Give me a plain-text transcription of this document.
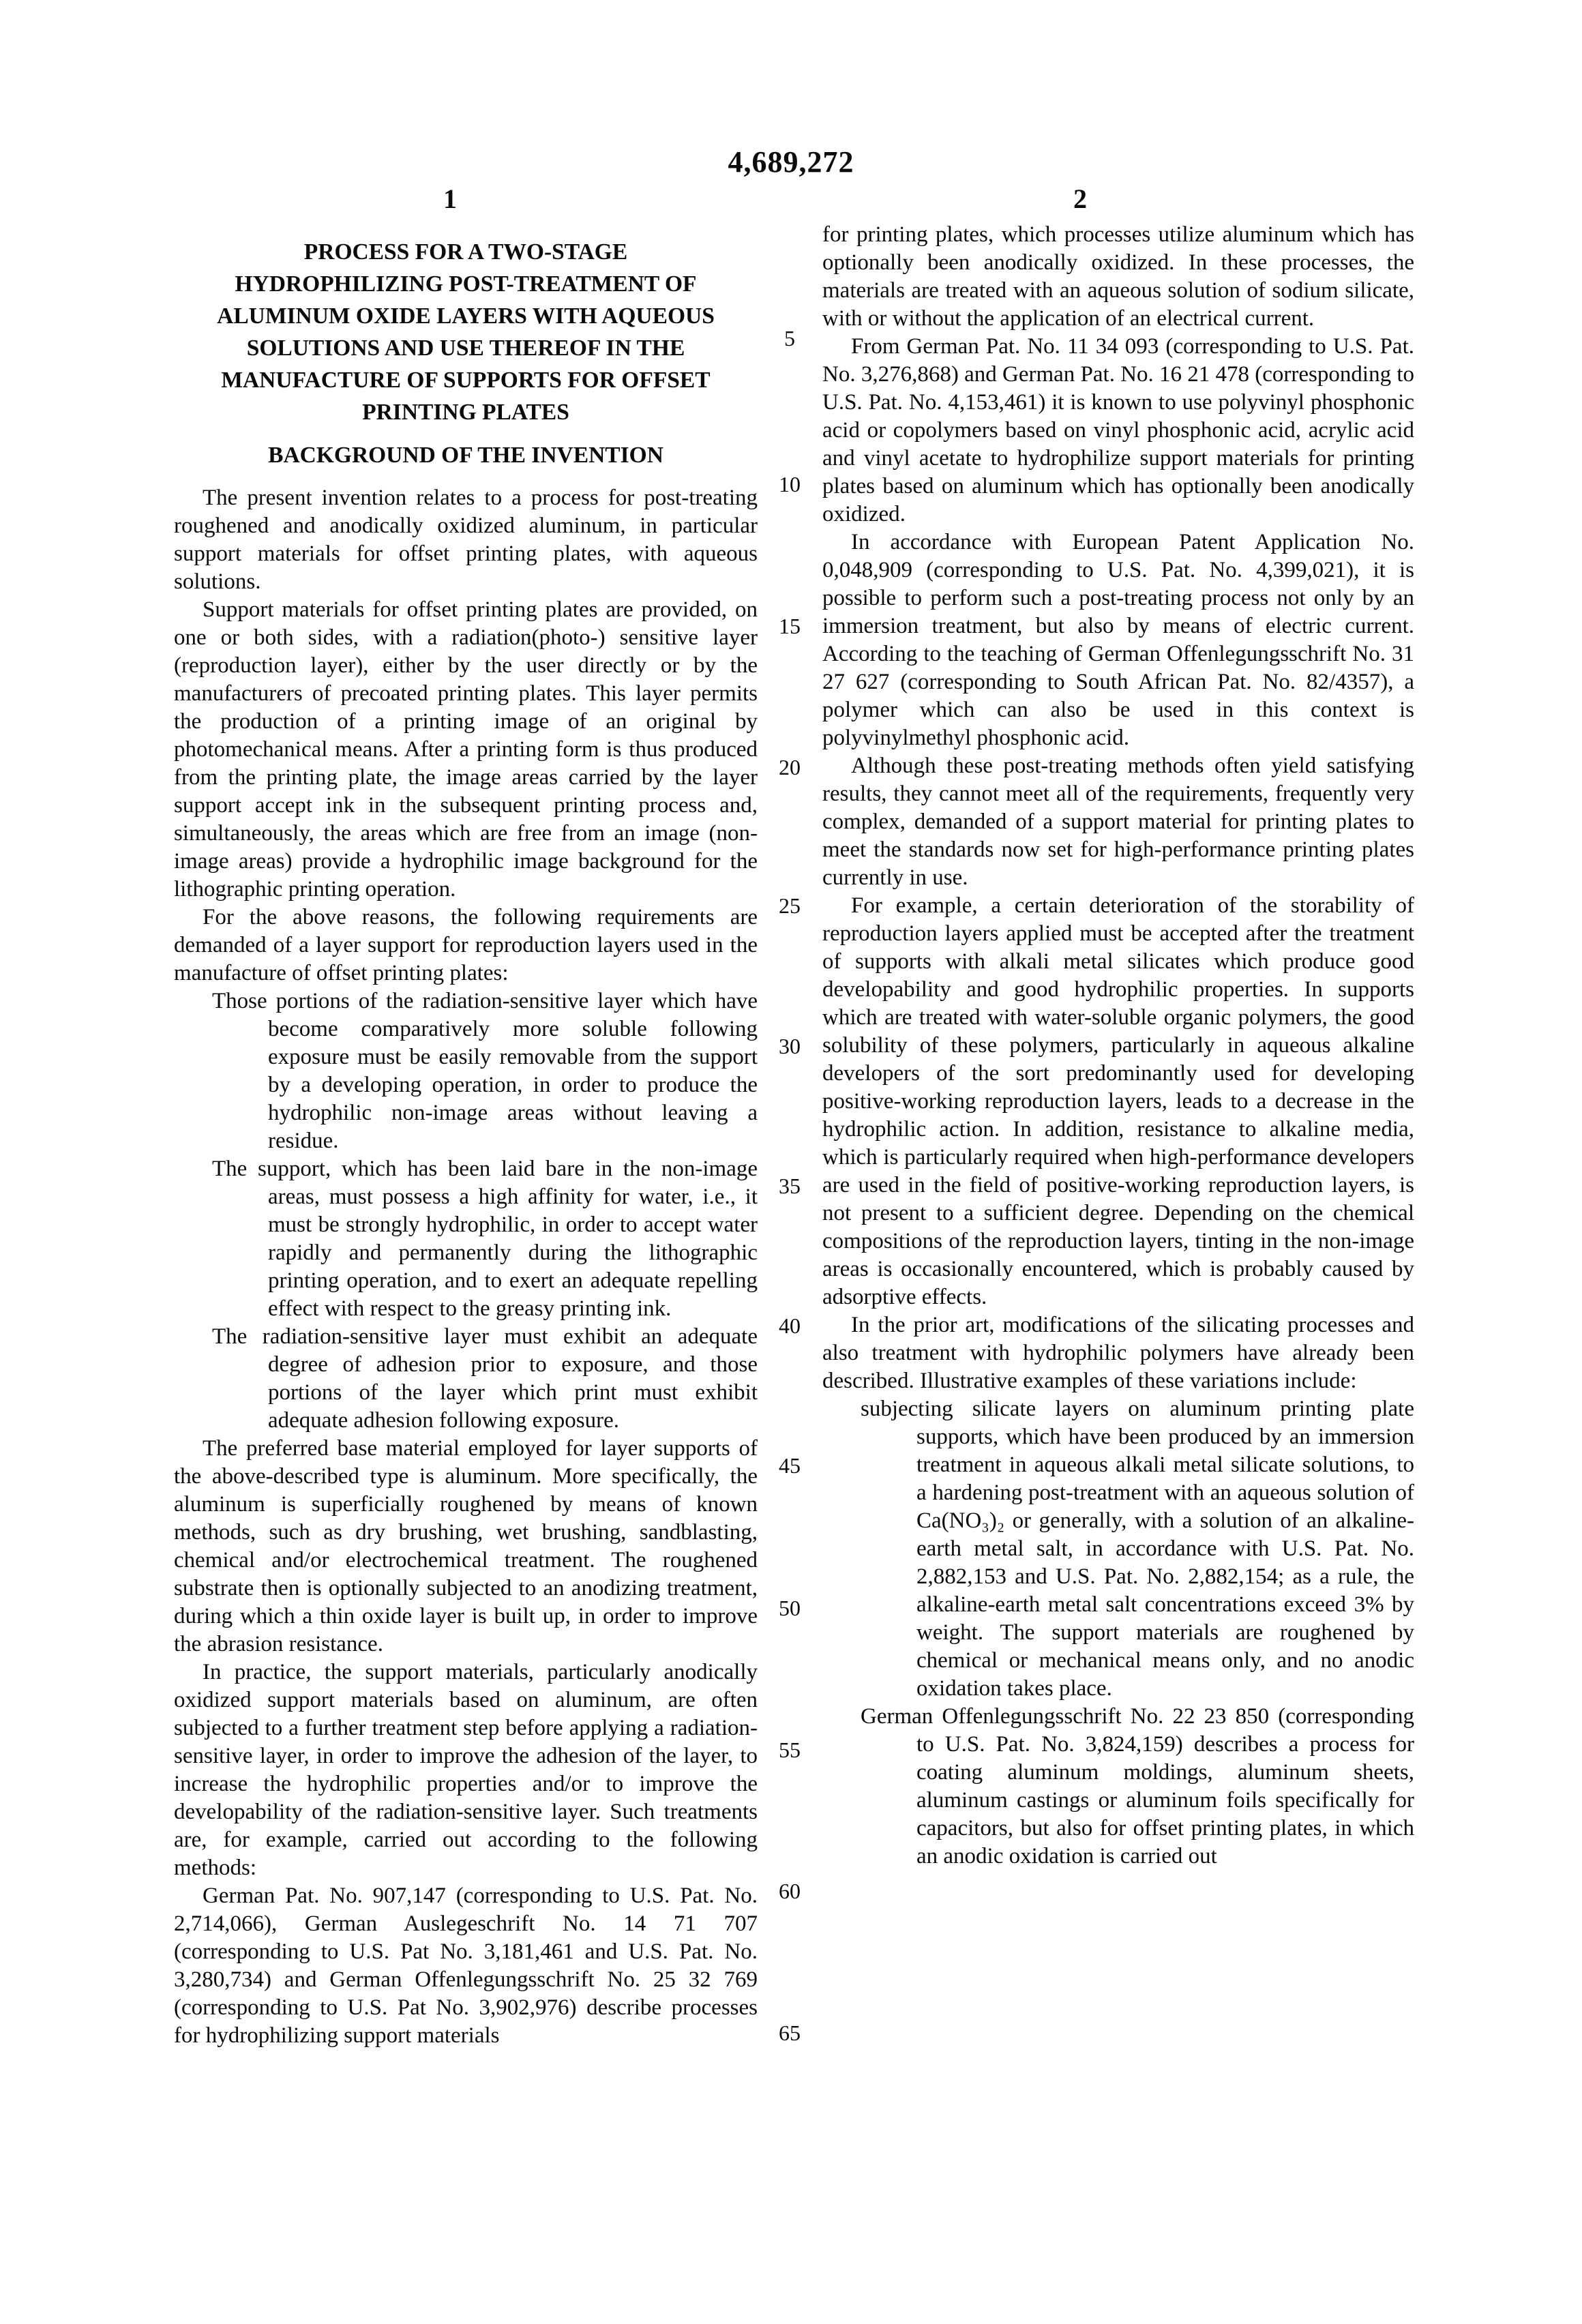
4,689,272
1	2
5
10
15
20
25
30
35
40
45
50
55
60
65
PROCESS FOR A TWO-STAGE
HYDROPHILIZING POST-TREATMENT OF
ALUMINUM OXIDE LAYERS WITH AQUEOUS
SOLUTIONS AND USE THEREOF IN THE
MANUFACTURE OF SUPPORTS FOR OFFSET
PRINTING PLATES
BACKGROUND OF THE INVENTION

The present invention relates to a process for post-treating roughened and anodically oxidized aluminum, in particular support materials for offset printing plates, with aqueous solutions.

Support materials for offset printing plates are provided, on one or both sides, with a radiation(photo-) sensitive layer (reproduction layer), either by the user directly or by the manufacturers of precoated printing plates. This layer permits the production of a printing image of an original by photomechanical means. After a printing form is thus produced from the printing plate, the image areas carried by the layer support accept ink in the subsequent printing process and, simultaneously, the areas which are free from an image (non-image areas) provide a hydrophilic image background for the lithographic printing operation.

For the above reasons, the following requirements are demanded of a layer support for reproduction layers used in the manufacture of offset printing plates:

Those portions of the radiation-sensitive layer which have become comparatively more soluble following exposure must be easily removable from the support by a developing operation, in order to produce the hydrophilic non-image areas without leaving a residue.

The support, which has been laid bare in the non-image areas, must possess a high affinity for water, i.e., it must be strongly hydrophilic, in order to accept water rapidly and permanently during the lithographic printing operation, and to exert an adequate repelling effect with respect to the greasy printing ink.

The radiation-sensitive layer must exhibit an adequate degree of adhesion prior to exposure, and those portions of the layer which print must exhibit adequate adhesion following exposure.

The preferred base material employed for layer supports of the above-described type is aluminum. More specifically, the aluminum is superficially roughened by means of known methods, such as dry brushing, wet brushing, sandblasting, chemical and/or electrochemical treatment. The roughened substrate then is optionally subjected to an anodizing treatment, during which a thin oxide layer is built up, in order to improve the abrasion resistance.

In practice, the support materials, particularly anodically oxidized support materials based on aluminum, are often subjected to a further treatment step before applying a radiation-sensitive layer, in order to improve the adhesion of the layer, to increase the hydrophilic properties and/or to improve the developability of the radiation-sensitive layer. Such treatments are, for example, carried out according to the following methods:

German Pat. No. 907,147 (corresponding to U.S. Pat. No. 2,714,066), German Auslegeschrift No. 14 71 707 (corresponding to U.S. Pat No. 3,181,461 and U.S. Pat. No. 3,280,734) and German Offenlegungsschrift No. 25 32 769 (corresponding to U.S. Pat No. 3,902,976) describe processes for hydrophilizing support materials

for printing plates, which processes utilize aluminum which has optionally been anodically oxidized. In these processes, the materials are treated with an aqueous solution of sodium silicate, with or without the application of an electrical current.

From German Pat. No. 11 34 093 (corresponding to U.S. Pat. No. 3,276,868) and German Pat. No. 16 21 478 (corresponding to U.S. Pat. No. 4,153,461) it is known to use polyvinyl phosphonic acid or copolymers based on vinyl phosphonic acid, acrylic acid and vinyl acetate to hydrophilize support materials for printing plates based on aluminum which has optionally been anodically oxidized.

In accordance with European Patent Application No. 0,048,909 (corresponding to U.S. Pat. No. 4,399,021), it is possible to perform such a post-treating process not only by an immersion treatment, but also by means of electric current. According to the teaching of German Offenlegungsschrift No. 31 27 627 (corresponding to South African Pat. No. 82/4357), a polymer which can also be used in this context is polyvinylmethyl phosphonic acid.

Although these post-treating methods often yield satisfying results, they cannot meet all of the requirements, frequently very complex, demanded of a support material for printing plates to meet the standards now set for high-performance printing plates currently in use.

For example, a certain deterioration of the storability of reproduction layers applied must be accepted after the treatment of supports with alkali metal silicates which produce good developability and good hydrophilic properties. In supports which are treated with water-soluble organic polymers, the good solubility of these polymers, particularly in aqueous alkaline developers of the sort predominantly used for developing positive-working reproduction layers, leads to a decrease in the hydrophilic action. In addition, resistance to alkaline media, which is particularly required when high-performance developers are used in the field of positive-working reproduction layers, is not present to a sufficient degree. Depending on the chemical compositions of the reproduction layers, tinting in the non-image areas is occasionally encountered, which is probably caused by adsorptive effects.

In the prior art, modifications of the silicating processes and also treatment with hydrophilic polymers have already been described. Illustrative examples of these variations include:

subjecting silicate layers on aluminum printing plate supports, which have been produced by an immersion treatment in aqueous alkali metal silicate solutions, to a hardening post-treatment with an aqueous solution of Ca(NO₃)₂ or generally, with a solution of an alkaline-earth metal salt, in accordance with U.S. Pat. No. 2,882,153 and U.S. Pat. No. 2,882,154; as a rule, the alkaline-earth metal salt concentrations exceed 3% by weight. The support materials are roughened by chemical or mechanical means only, and no anodic oxidation takes place.

German Offenlegungsschrift No. 22 23 850 (corresponding to U.S. Pat. No. 3,824,159) describes a process for coating aluminum moldings, aluminum sheets, aluminum castings or aluminum foils specifically for capacitors, but also for offset printing plates, in which an anodic oxidation is carried out
